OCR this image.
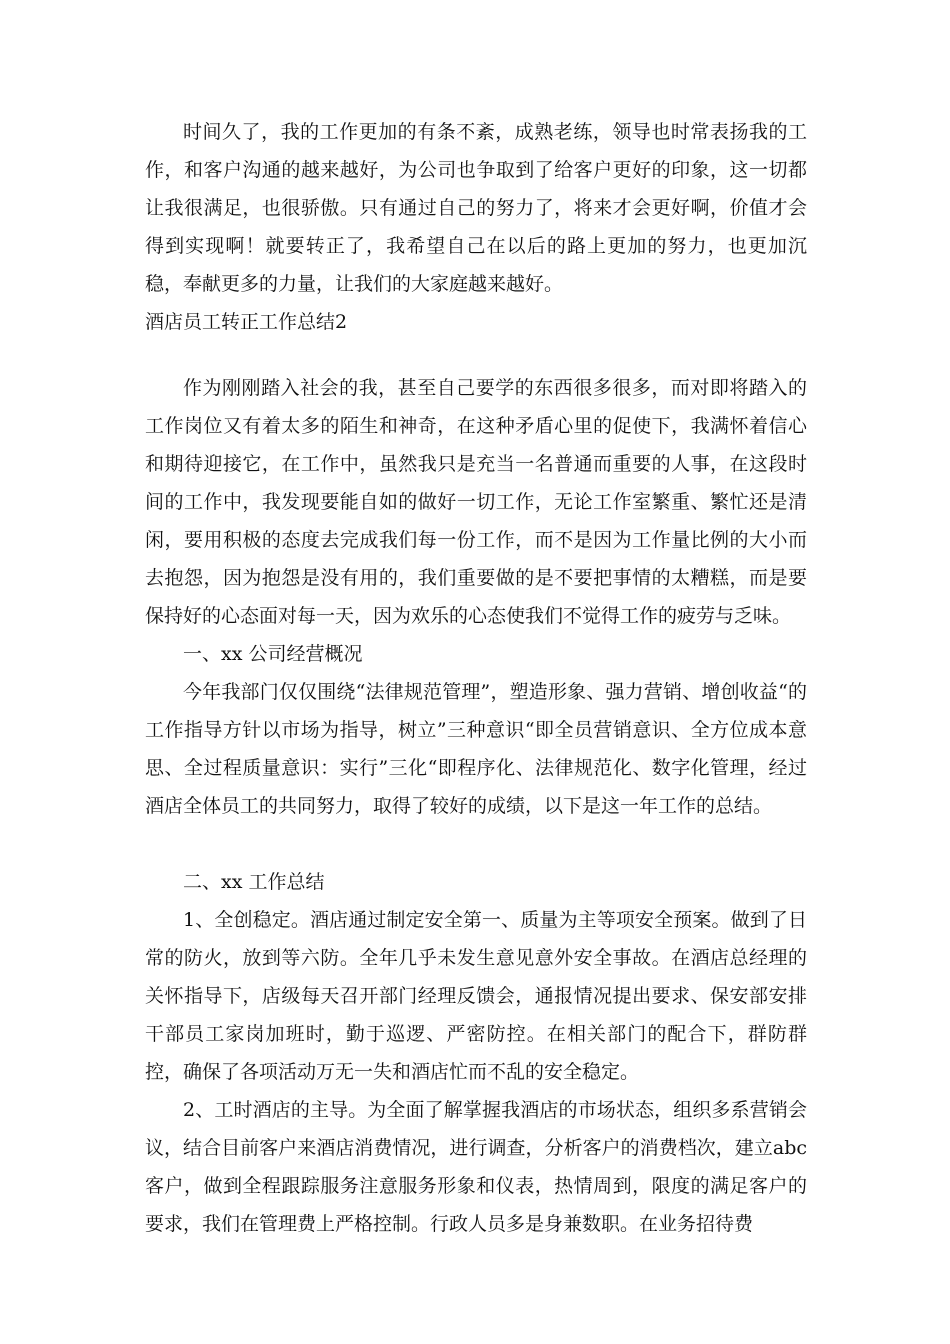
时间久了，我的工作更加的有条不紊，成熟老练，领导也时常表扬我的工作，和客户沟通的越来越好，为公司也争取到了给客户更好的印象，这一切都让我很满足，也很骄傲。只有通过自己的努力了，将来才会更好啊，价值才会得到实现啊！就要转正了，我希望自己在以后的路上更加的努力，也更加沉稳，奉献更多的力量，让我们的大家庭越来越好。

酒店员工转正工作总结2

作为刚刚踏入社会的我，甚至自己要学的东西很多很多，而对即将踏入的工作岗位又有着太多的陌生和神奇，在这种矛盾心里的促使下，我满怀着信心和期待迎接它，在工作中，虽然我只是充当一名普通而重要的人事，在这段时间的工作中，我发现要能自如的做好一切工作，无论工作室繁重、繁忙还是清闲，要用积极的态度去完成我们每一份工作，而不是因为工作量比例的大小而去抱怨，因为抱怨是没有用的，我们重要做的是不要把事情的太糟糕，而是要保持好的心态面对每一天，因为欢乐的心态使我们不觉得工作的疲劳与乏味。

一、xx 公司经营概况

今年我部门仅仅围绕“法律规范管理”，塑造形象、强力营销、增创收益“的工作指导方针以市场为指导，树立”三种意识“即全员营销意识、全方位成本意思、全过程质量意识：实行”三化“即程序化、法律规范化、数字化管理，经过酒店全体员工的共同努力，取得了较好的成绩，以下是这一年工作的总结。

二、xx 工作总结

1、全创稳定。酒店通过制定安全第一、质量为主等项安全预案。做到了日常的防火，放到等六防。全年几乎未发生意见意外安全事故。在酒店总经理的关怀指导下，店级每天召开部门经理反馈会，通报情况提出要求、保安部安排干部员工家岗加班时，勤于巡逻、严密防控。在相关部门的配合下，群防群控，确保了各项活动万无一失和酒店忙而不乱的安全稳定。

2、工时酒店的主导。为全面了解掌握我酒店的市场状态，组织多系营销会议，结合目前客户来酒店消费情况，进行调查，分析客户的消费档次，建立abc 客户，做到全程跟踪服务注意服务形象和仪表，热情周到，限度的满足客户的要求，我们在管理费上严格控制。行政人员多是身兼数职。在业务招待费
